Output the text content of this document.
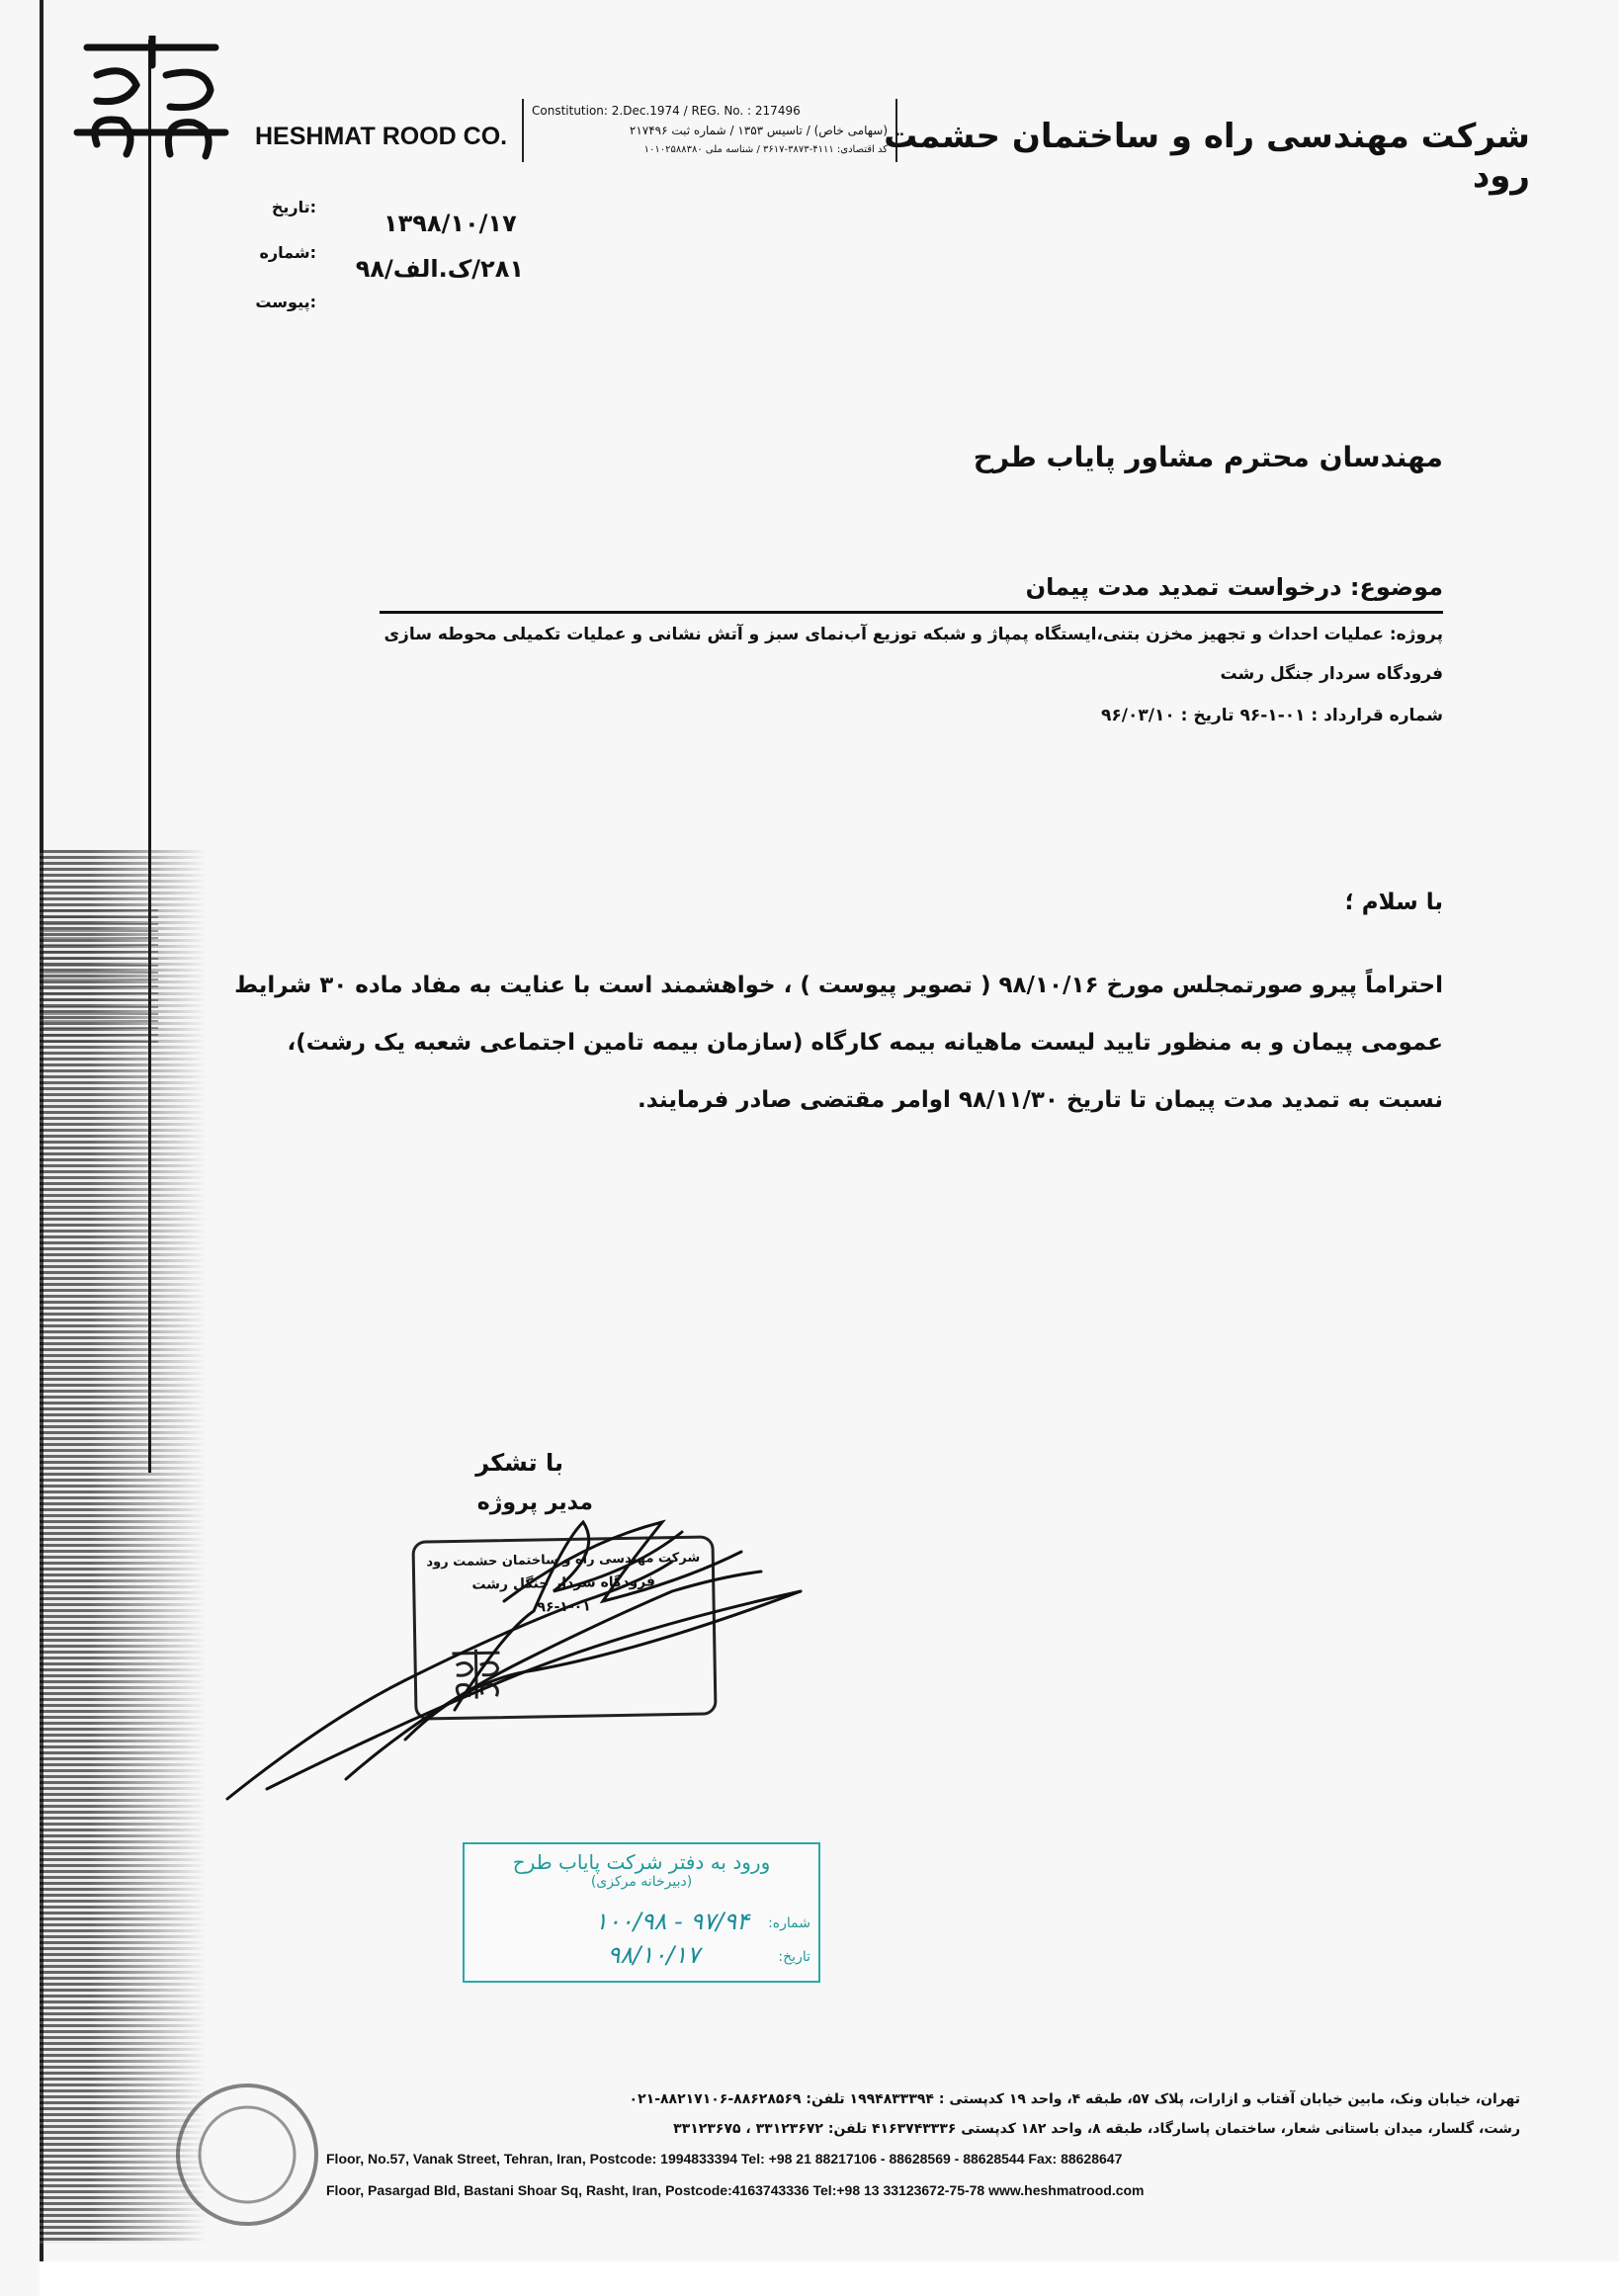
HESHMAT ROOD CO.
Constitution: 2.Dec.1974 / REG. No. : 217496
(سهامی خاص) / تاسیس ۱۳۵۳ / شماره ثبت ۲۱۷۴۹۶
کد اقتصادی: ۴۱۱۱-۳۸۷۳-۳۶۱۷ / شناسه ملی ۱۰۱۰۲۵۸۸۳۸۰
شرکت مهندسی راه و ساختمان حشمت رود
:تاریخ
۱۳۹۸/۱۰/۱۷
:شماره
۲۸۱/ک.الف/۹۸
:پیوست
مهندسان محترم مشاور پایاب طرح
موضوع: درخواست تمدید مدت پیمان
پروژه: عملیات احداث و تجهیز مخزن بتنی،ایستگاه پمپاژ و شبکه توزیع آب‌نمای سبز و آتش نشانی و عملیات تکمیلی محوطه سازی
فرودگاه سردار جنگل رشت
شماره قرارداد : ۰۱-۱-۹۶ تاریخ : ۹۶/۰۳/۱۰
با سلام ؛
احتراماً پیرو صورتمجلس مورخ ۹۸/۱۰/۱۶ ( تصویر پیوست ) ، خواهشمند است با عنایت به مفاد ماده ۳۰ شرایط
عمومی پیمان و به منظور تایید لیست ماهیانه بیمه کارگاه (سازمان بیمه تامین اجتماعی شعبه یک رشت)،
نسبت به تمدید مدت پیمان تا تاریخ ۹۸/۱۱/۳۰ اوامر مقتضی صادر فرمایند.
با تشکر
مدیر پروژه
شرکت مهندسی راه و ساختمان حشمت رود
فرودگاه سردار جنگل رشت
۹۶-۱-۰۱
ورود به دفتر شرکت پایاب طرح
(دبیرخانه مرکزی)
شماره:
۱۰۰/۹۸ - ۹۷/۹۴
تاریخ:
۹۸/۱۰/۱۷
تهران، خیابان ونک، مابین خیابان آفتاب و ازارات، پلاک ۵۷، طبقه ۴، واحد ۱۹ کدپستی : ۱۹۹۴۸۳۳۳۹۴ تلفن: ۸۸۶۲۸۵۶۹-۸۸۲۱۷۱۰۶-۰۲۱
رشت، گلسار، میدان باستانی شعار، ساختمان پاسارگاد، طبقه ۸، واحد ۱۸۲ کدپستی ۴۱۶۳۷۴۳۳۳۶ تلفن: ۳۳۱۲۳۶۷۲ ، ۳۳۱۲۳۶۷۵
Floor, No.57, Vanak Street, Tehran, Iran, Postcode: 1994833394 Tel: +98 21 88217106 - 88628569 - 88628544 Fax: 88628647
Floor, Pasargad Bld, Bastani Shoar Sq, Rasht, Iran, Postcode:4163743336 Tel:+98 13 33123672-75-78 www.heshmatrood.com
